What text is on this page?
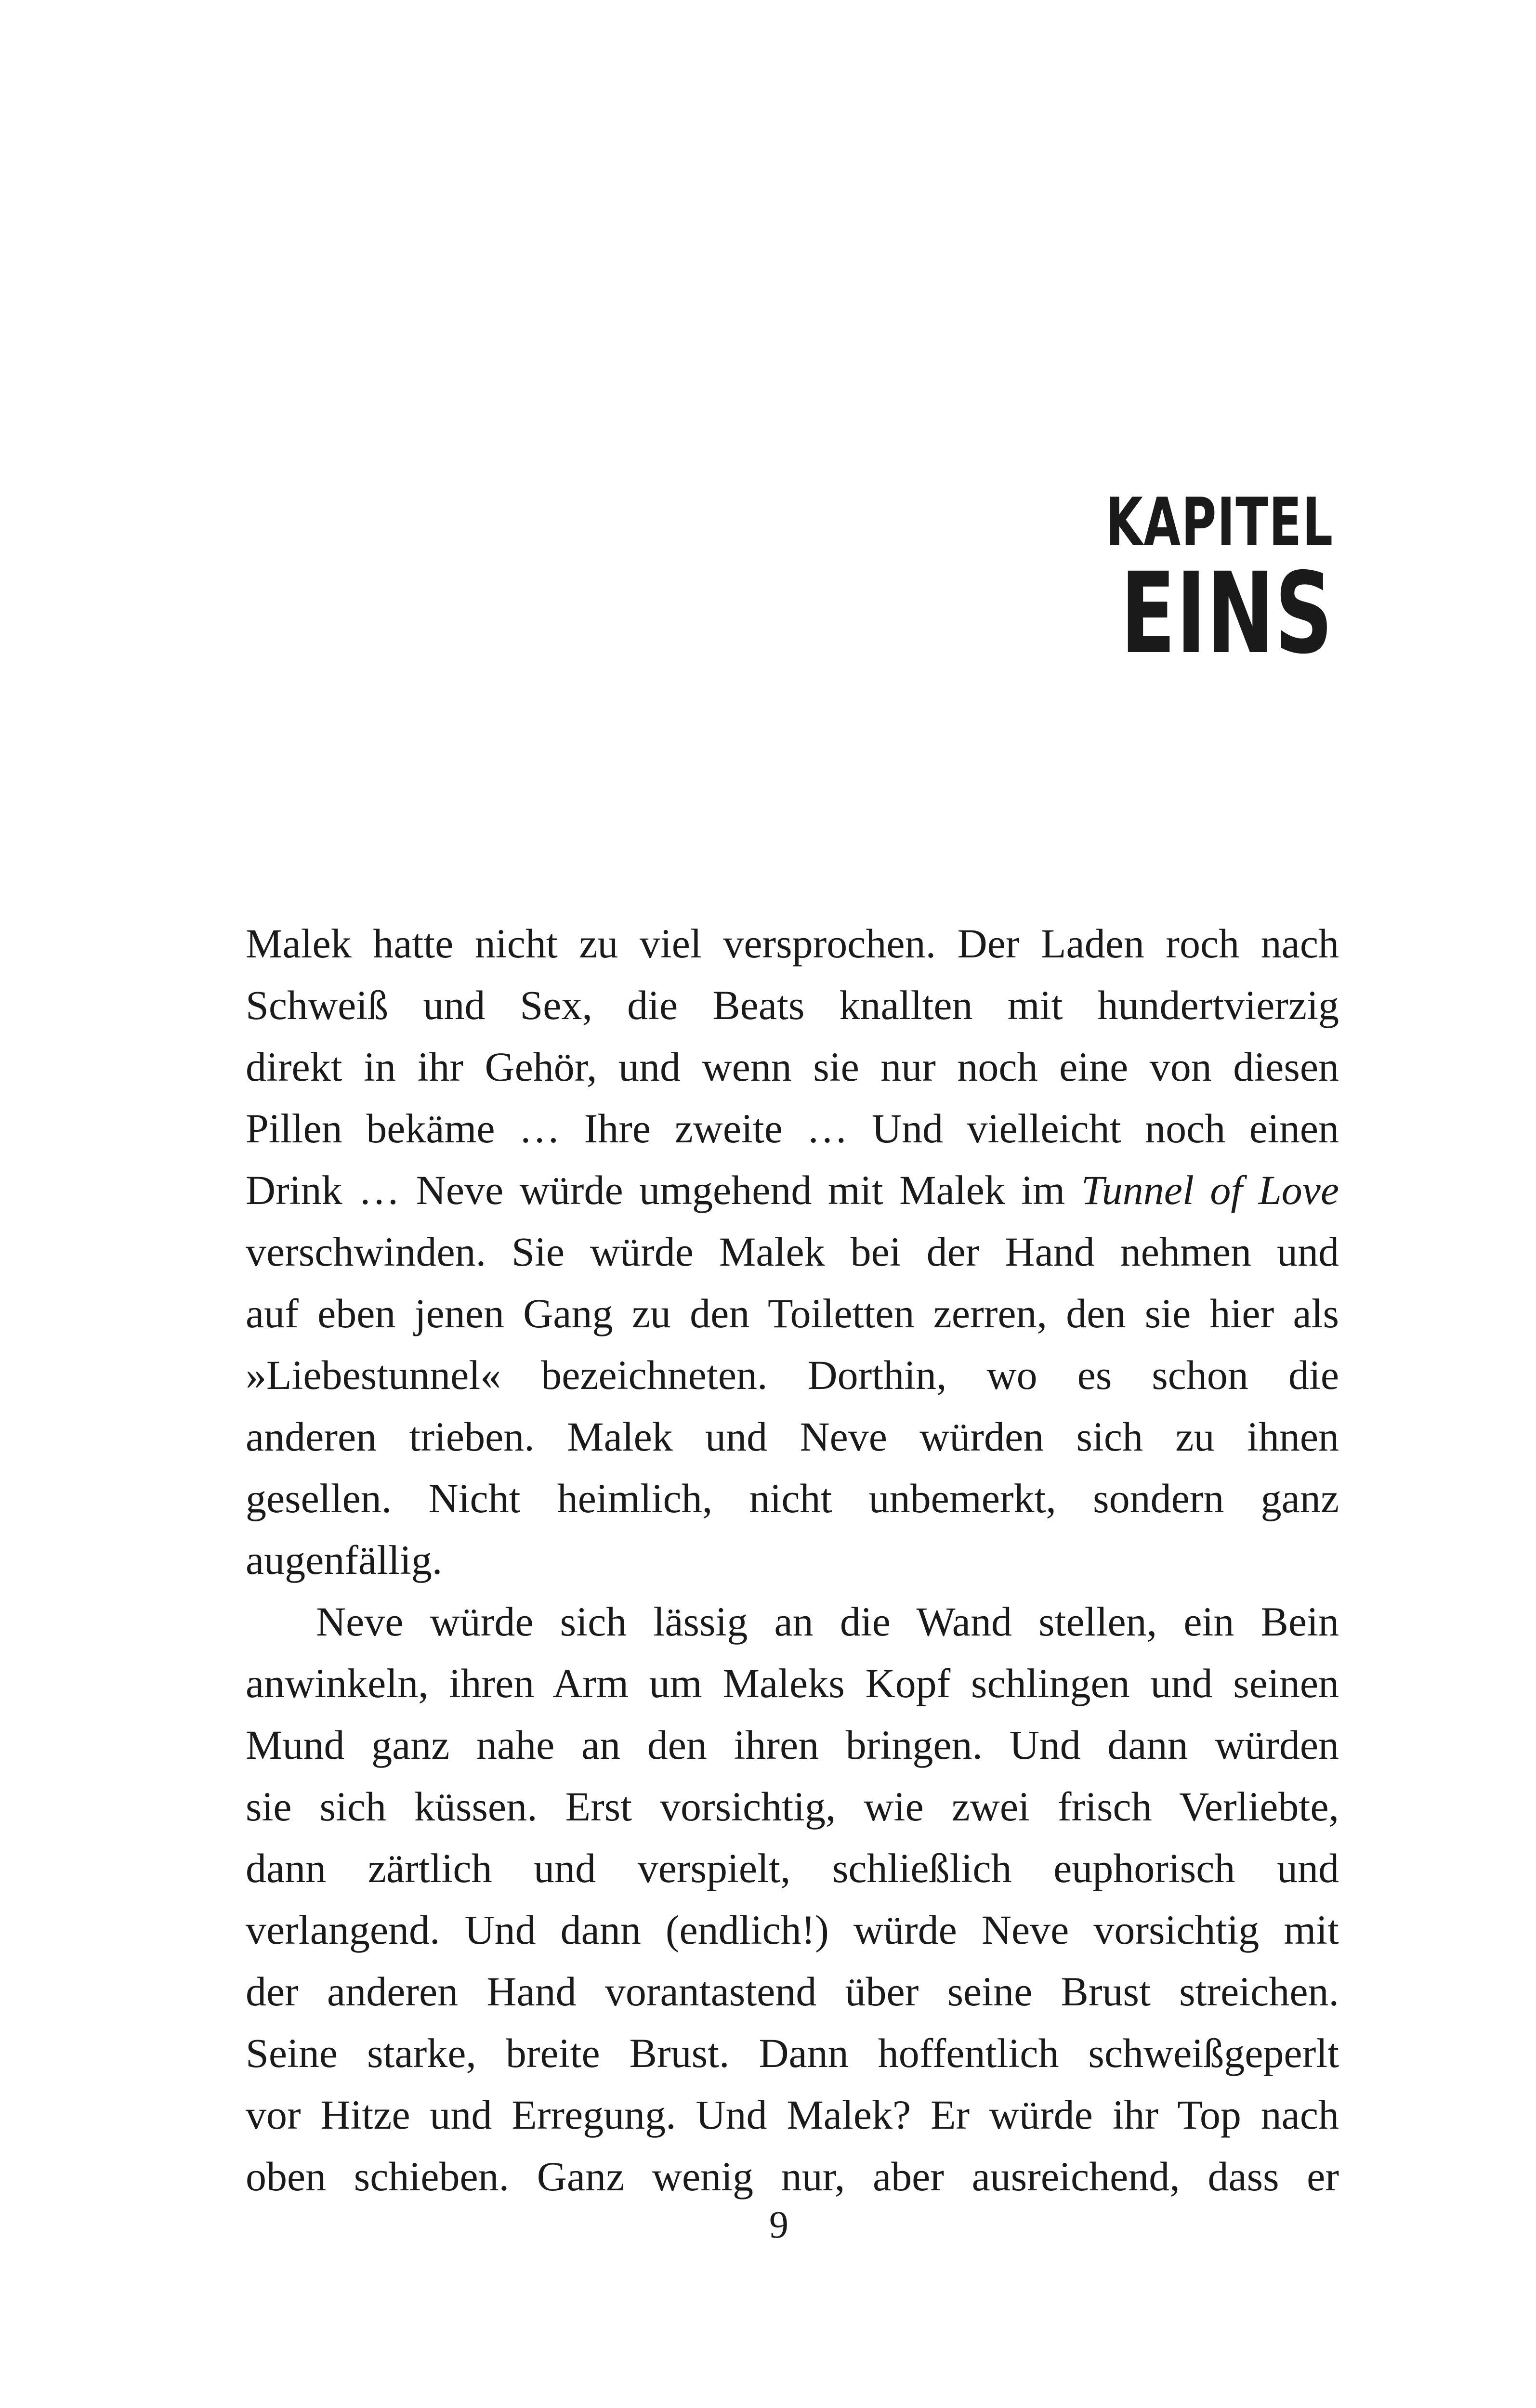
KAPITEL
EINS

Malek hatte nicht zu viel versprochen. Der Laden roch nach
Schweiß und Sex, die Beats knallten mit hundertvierzig
direkt in ihr Gehör, und wenn sie nur noch eine von diesen
Pillen bekäme … Ihre zweite … Und vielleicht noch einen
Drink … Neve würde umgehend mit Malek im Tunnel of Love
verschwinden. Sie würde Malek bei der Hand nehmen und
auf eben jenen Gang zu den Toiletten zerren, den sie hier als
»Liebestunnel« bezeichneten. Dorthin, wo es schon die
anderen trieben. Malek und Neve würden sich zu ihnen
gesellen. Nicht heimlich, nicht unbemerkt, sondern ganz
augenfällig.

Neve würde sich lässig an die Wand stellen, ein Bein
anwinkeln, ihren Arm um Maleks Kopf schlingen und seinen
Mund ganz nahe an den ihren bringen. Und dann würden
sie sich küssen. Erst vorsichtig, wie zwei frisch Verliebte,
dann zärtlich und verspielt, schließlich euphorisch und
verlangend. Und dann (endlich!) würde Neve vorsichtig mit
der anderen Hand vorantastend über seine Brust streichen.
Seine starke, breite Brust. Dann hoffentlich schweißgeperlt
vor Hitze und Erregung. Und Malek? Er würde ihr Top nach
oben schieben. Ganz wenig nur, aber ausreichend, dass er

9
